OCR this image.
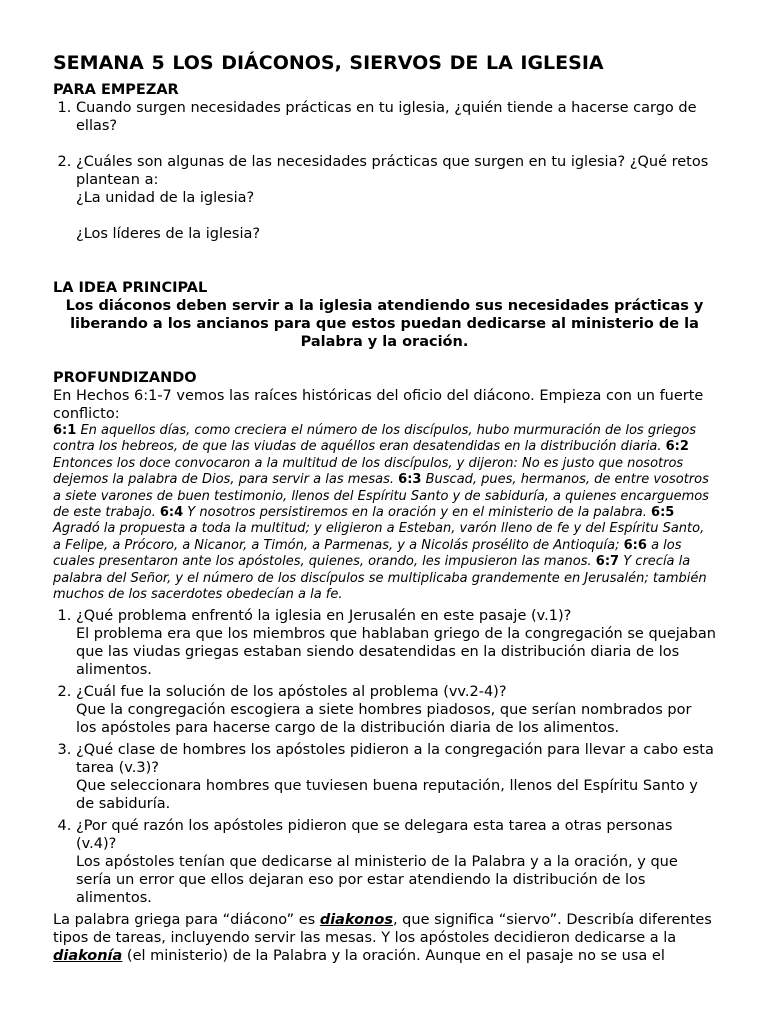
SEMANA 5 LOS DIÁCONOS, SIERVOS DE LA IGLESIA

PARA EMPEZAR

1. Cuando surgen necesidades prácticas en tu iglesia, ¿quién tiende a hacerse cargo de ellas?
2. ¿Cuáles son algunas de las necesidades prácticas que surgen en tu iglesia? ¿Qué retos plantean a:

¿La unidad de la iglesia?

¿Los líderes de la iglesia?

LA IDEA PRINCIPAL

Los diáconos deben servir a la iglesia atendiendo sus necesidades prácticas y liberando a los ancianos para que estos puedan dedicarse al ministerio de la Palabra y la oración.

PROFUNDIZANDO

En Hechos 6:1-7 vemos las raíces históricas del oficio del diácono. Empieza con un fuerte conflicto:

6:1 En aquellos días, como creciera el número de los discípulos, hubo murmuración de los griegos contra los hebreos, de que las viudas de aquéllos eran desatendidas en la distribución diaria. 6:2 Entonces los doce convocaron a la multitud de los discípulos, y dijeron: No es justo que nosotros dejemos la palabra de Dios, para servir a las mesas. 6:3 Buscad, pues, hermanos, de entre vosotros a siete varones de buen testimonio, llenos del Espíritu Santo y de sabiduría, a quienes encarguemos de este trabajo. 6:4 Y nosotros persistiremos en la oración y en el ministerio de la palabra. 6:5 Agradó la propuesta a toda la multitud; y eligieron a Esteban, varón lleno de fe y del Espíritu Santo, a Felipe, a Prócoro, a Nicanor, a Timón, a Parmenas, y a Nicolás prosélito de Antioquía; 6:6 a los cuales presentaron ante los apóstoles, quienes, orando, les impusieron las manos. 6:7 Y crecía la palabra del Señor, y el número de los discípulos se multiplicaba grandemente en Jerusalén; también muchos de los sacerdotes obedecían a la fe.

1. ¿Qué problema enfrentó la iglesia en Jerusalén en este pasaje (v.1)?
El problema era que los miembros que hablaban griego de la congregación se quejaban que las viudas griegas estaban siendo desatendidas en la distribución diaria de los alimentos.
2. ¿Cuál fue la solución de los apóstoles al problema (vv.2-4)?
Que la congregación escogiera a siete hombres piadosos, que serían nombrados por los apóstoles para hacerse cargo de la distribución diaria de los alimentos.
3. ¿Qué clase de hombres los apóstoles pidieron a la congregación para llevar a cabo esta tarea (v.3)?
Que seleccionara hombres que tuviesen buena reputación, llenos del Espíritu Santo y de sabiduría.
4. ¿Por qué razón los apóstoles pidieron que se delegara esta tarea a otras personas (v.4)?
Los apóstoles tenían que dedicarse al ministerio de la Palabra y a la oración, y que sería un error que ellos dejaran eso por estar atendiendo la distribución de los alimentos.

La palabra griega para “diácono” es diakonos, que significa “siervo”. Describía diferentes tipos de tareas, incluyendo servir las mesas. Y los apóstoles decidieron dedicarse a la diakonía (el ministerio) de la Palabra y la oración. Aunque en el pasaje no se usa el
